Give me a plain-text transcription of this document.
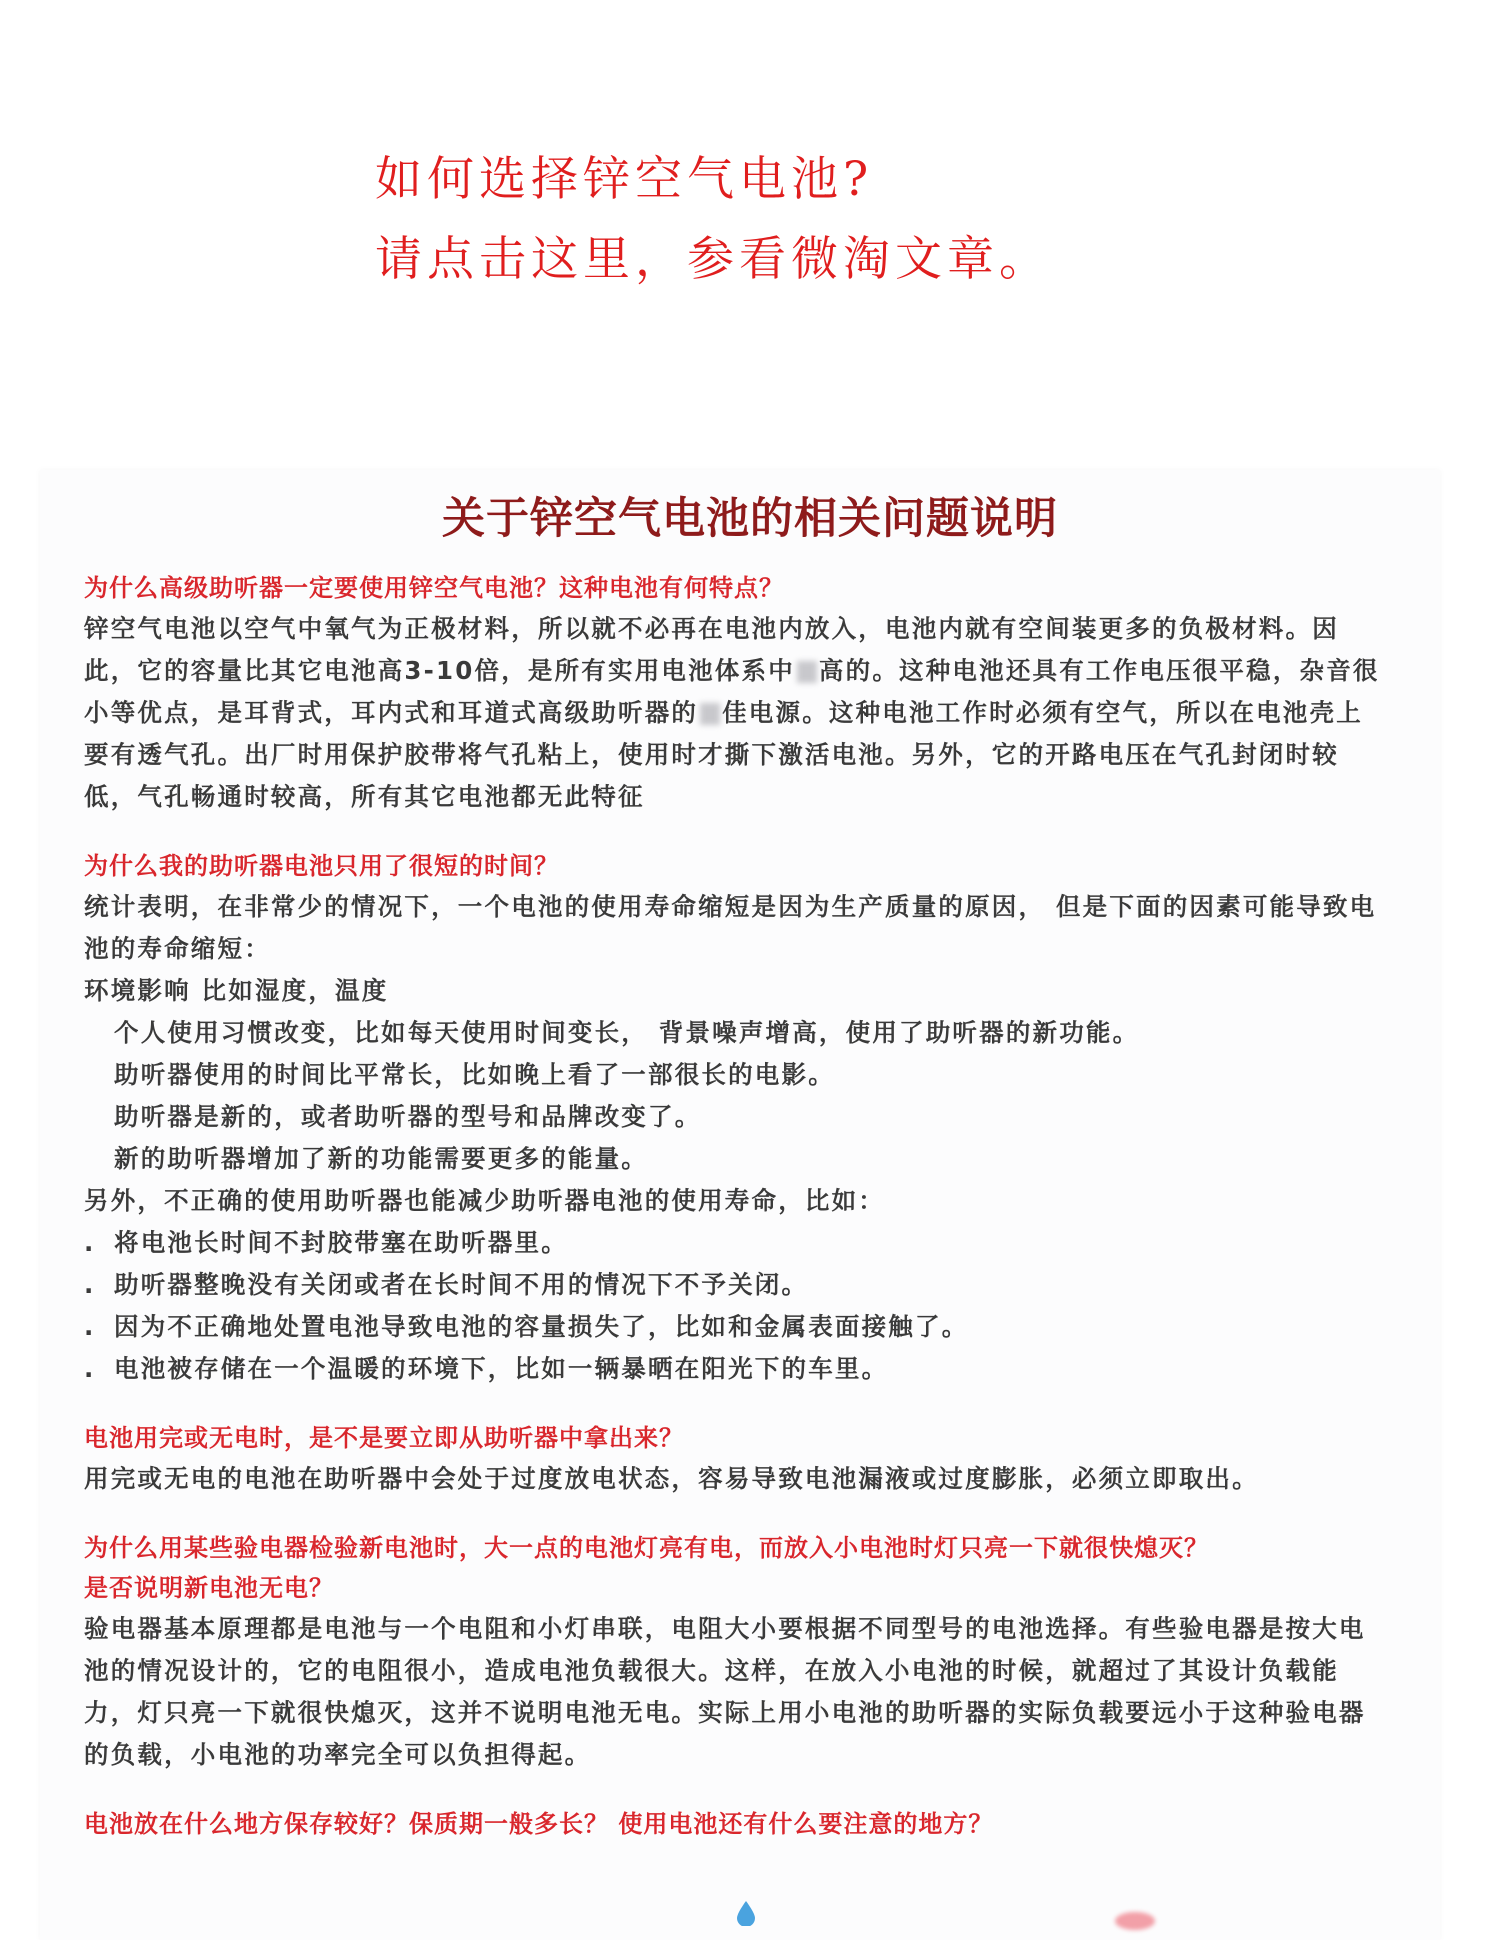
如何选择锌空气电池?
请点击这里，参看微淘文章。
关于锌空气电池的相关问题说明
为什么高级助听器一定要使用锌空气电池？这种电池有何特点？
锌空气电池以空气中氧气为正极材料，所以就不必再在电池内放入，电池内就有空间装更多的负极材料。因此，它的容量比其它电池高3-10倍，是所有实用电池体系中 高的。这种电池还具有工作电压很平稳，杂音很小等优点，是耳背式，耳内式和耳道式高级助听器的 佳电源。这种电池工作时必须有空气，所以在电池壳上要有透气孔。出厂时用保护胶带将气孔粘上，使用时才撕下激活电池。另外，它的开路电压在气孔封闭时较低，气孔畅通时较高，所有其它电池都无此特征
为什么我的助听器电池只用了很短的时间？
统计表明，在非常少的情况下，一个电池的使用寿命缩短是因为生产质量的原因， 但是下面的因素可能导致电池的寿命缩短：
环境影响 比如湿度，温度
个人使用习惯改变，比如每天使用时间变长， 背景噪声增高，使用了助听器的新功能。
助听器使用的时间比平常长，比如晚上看了一部很长的电影。
助听器是新的，或者助听器的型号和品牌改变了。
新的助听器增加了新的功能需要更多的能量。
另外，不正确的使用助听器也能减少助听器电池的使用寿命，比如：
. 将电池长时间不封胶带塞在助听器里。
. 助听器整晚没有关闭或者在长时间不用的情况下不予关闭。
. 因为不正确地处置电池导致电池的容量损失了，比如和金属表面接触了。
. 电池被存储在一个温暖的环境下，比如一辆暴晒在阳光下的车里。
电池用完或无电时，是不是要立即从助听器中拿出来？
用完或无电的电池在助听器中会处于过度放电状态，容易导致电池漏液或过度膨胀，必须立即取出。
为什么用某些验电器检验新电池时，大一点的电池灯亮有电，而放入小电池时灯只亮一下就很快熄灭？
是否说明新电池无电？
验电器基本原理都是电池与一个电阻和小灯串联，电阻大小要根据不同型号的电池选择。有些验电器是按大电池的情况设计的，它的电阻很小，造成电池负载很大。这样，在放入小电池的时候，就超过了其设计负载能力，灯只亮一下就很快熄灭，这并不说明电池无电。实际上用小电池的助听器的实际负载要远小于这种验电器的负载，小电池的功率完全可以负担得起。
电池放在什么地方保存较好？保质期一般多长？ 使用电池还有什么要注意的地方？
